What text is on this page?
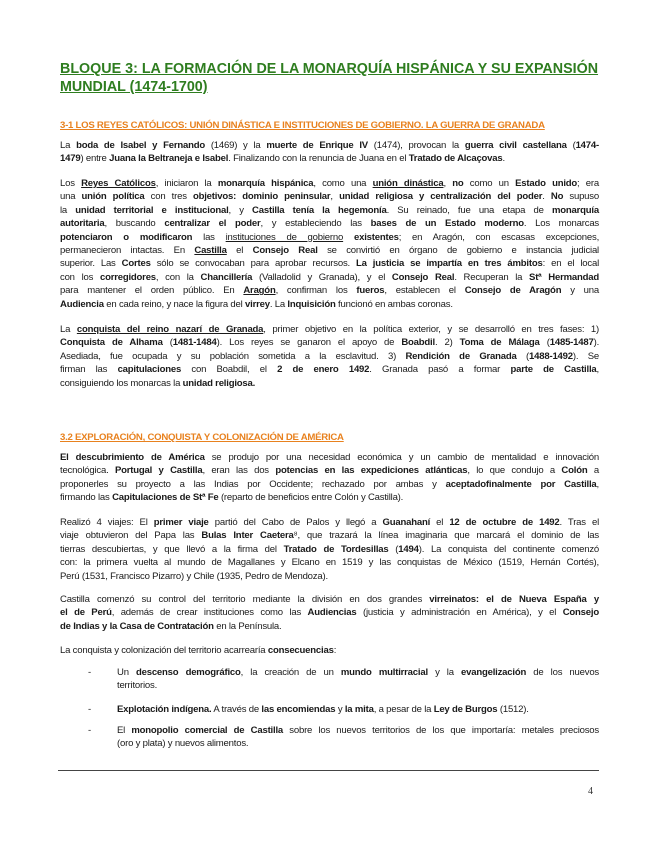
BLOQUE 3: LA FORMACIÓN DE LA MONARQUÍA HISPÁNICA Y SU EXPANSIÓN
MUNDIAL (1474-1700)
3-1 LOS REYES CATÓLICOS: UNIÓN DINÁSTICA E INSTITUCIONES DE GOBIERNO. LA GUERRA DE GRANADA
La boda de Isabel y Fernando (1469) y la muerte de Enrique IV (1474), provocan la guerra civil castellana (1474-
1479) entre Juana la Beltraneja e Isabel. Finalizando con la renuncia de Juana en el Tratado de Alcaçovas.
Los Reyes Católicos, iniciaron la monarquía hispánica, como una unión dinástica, no como un Estado unido; era
una unión política con tres objetivos: dominio peninsular, unidad religiosa y centralización del poder. No supuso
la unidad territorial e institucional, y Castilla tenía la hegemonía. Su reinado, fue una etapa de monarquía
autoritaria, buscando centralizar el poder, y estableciendo las bases de un Estado moderno. Los monarcas
potenciaron o modificaron las instituciones de gobierno existentes; en Aragón, con escasas excepciones,
permanecieron intactas. En Castilla el Consejo Real se convirtió en órgano de gobierno e instancia judicial
superior. Las Cortes sólo se convocaban para aprobar recursos. La justicia se impartía en tres ámbitos: en el local
con los corregidores, con la Chancillería (Valladolid y Granada), y el Consejo Real. Recuperan la Stª Hermandad
para mantener el orden público. En Aragón, confirman los fueros, establecen el Consejo de Aragón y una
Audiencia en cada reino, y nace la figura del virrey. La Inquisición funcionó en ambas coronas.
La conquista del reino nazarí de Granada, primer objetivo en la política exterior, y se desarrolló en tres fases: 1)
Conquista de Alhama (1481-1484). Los reyes se ganaron el apoyo de Boabdil. 2) Toma de Málaga (1485-1487).
Asediada, fue ocupada y su población sometida a la esclavitud. 3) Rendición de Granada (1488-1492). Se
firman las capitulaciones con Boabdil, el 2 de enero 1492. Granada pasó a formar parte de Castilla,
consiguiendo los monarcas la unidad religiosa.
3.2 EXPLORACIÓN, CONQUISTA Y COLONIZACIÓN DE AMÉRICA
El descubrimiento de América se produjo por una necesidad económica y un cambio de mentalidad e innovación
tecnológica. Portugal y Castilla, eran las dos potencias en las expediciones atlánticas, lo que condujo a Colón a
proponerles su proyecto a las Indias por Occidente; rechazado por ambas y aceptadofinalmente por Castilla,
firmando las Capitulaciones de Stª Fe (reparto de beneficios entre Colón y Castilla).
Realizó 4 viajes: El primer viaje partió del Cabo de Palos y llegó a Guanahaní el 12 de octubre de 1492. Tras el
viaje obtuvieron del Papa las Bulas Inter Caetera⁸, que trazará la línea imaginaria que marcará el dominio de las
tierras descubiertas, y que llevó a la firma del Tratado de Tordesillas (1494). La conquista del continente comenzó
con: la primera vuelta al mundo de Magallanes y Elcano en 1519 y las conquistas de México (1519, Hernán Cortés),
Perú (1531, Francisco Pizarro) y Chile (1935, Pedro de Mendoza).
Castilla comenzó su control del territorio mediante la división en dos grandes virreinatos: el de Nueva España y
el de Perú, además de crear instituciones como las Audiencias (justicia y administración en América), y el Consejo
de Indias y la Casa de Contratación en la Península.
La conquista y colonización del territorio acarrearía consecuencias:
-	Un descenso demográfico, la creación de un mundo multirracial y la evangelización de los nuevos
territorios.
-	Explotación indígena. A través de las encomiendas y la mita, a pesar de la Ley de Burgos (1512).
-	El monopolio comercial de Castilla sobre los nuevos territorios de los que importaría: metales preciosos
(oro y plata) y nuevos alimentos.
4
